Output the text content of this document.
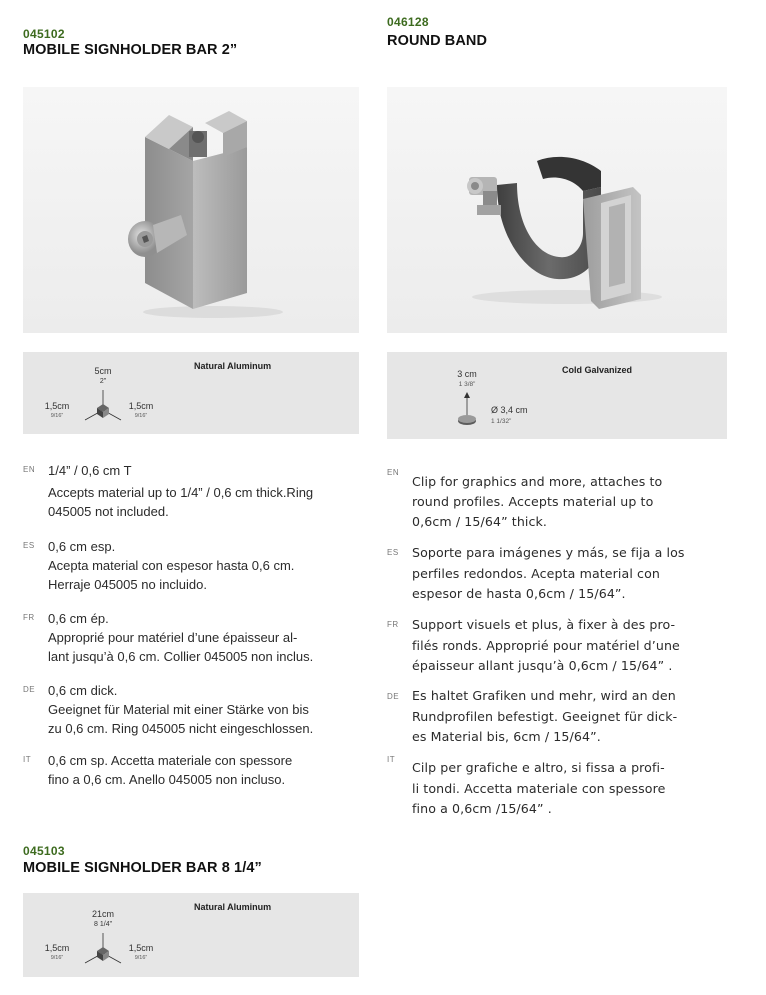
045102
MOBILE SIGNHOLDER BAR 2”
Natural Aluminum
5cm
2”
1,5cm
9/16”
1,5cm
9/16”
EN 1/4” / 0,6 cm T
Accepts material up to 1/4” / 0,6 cm thick.Ring
045005 not included.
ES 0,6 cm esp.
Acepta material con espesor hasta 0,6 cm.
Herraje 045005 no incluido.
FR 0,6 cm ép.
Approprié pour matériel d’une épaisseur al-
lant jusqu’à 0,6 cm. Collier 045005 non inclus.
DE 0,6 cm dick.
Geeignet für Material mit einer Stärke von bis
zu 0,6 cm. Ring 045005 nicht eingeschlossen.
IT 0,6 cm sp. Accetta materiale con spessore
fino a 0,6 cm. Anello 045005 non incluso.
046128
ROUND BAND
Cold Galvanized
3 cm
1 3/8”
Ø 3,4 cm
1 1/32”
EN
Clip for graphics and more, attaches to
round profiles. Accepts material up to
0,6cm / 15/64” thick.
ES Soporte para imágenes y más, se fija a los
perfiles redondos. Acepta material con
espesor de hasta 0,6cm / 15/64”.
FR Support visuels et plus, à fixer à des pro-
filés ronds. Approprié pour matériel d’une
épaisseur allant jusqu’à 0,6cm / 15/64” .
DE Es haltet Grafiken und mehr, wird an den
Rundprofilen befestigt. Geeignet für dick-
es Material bis, 6cm / 15/64”.
IT
Cilp per grafiche e altro, si fissa a profi-
li tondi. Accetta materiale con spessore
fino a 0,6cm /15/64” .
045103
MOBILE SIGNHOLDER BAR 8 1/4”
Natural Aluminum
21cm
8 1/4”
1,5cm
9/16”
1,5cm
9/16”
